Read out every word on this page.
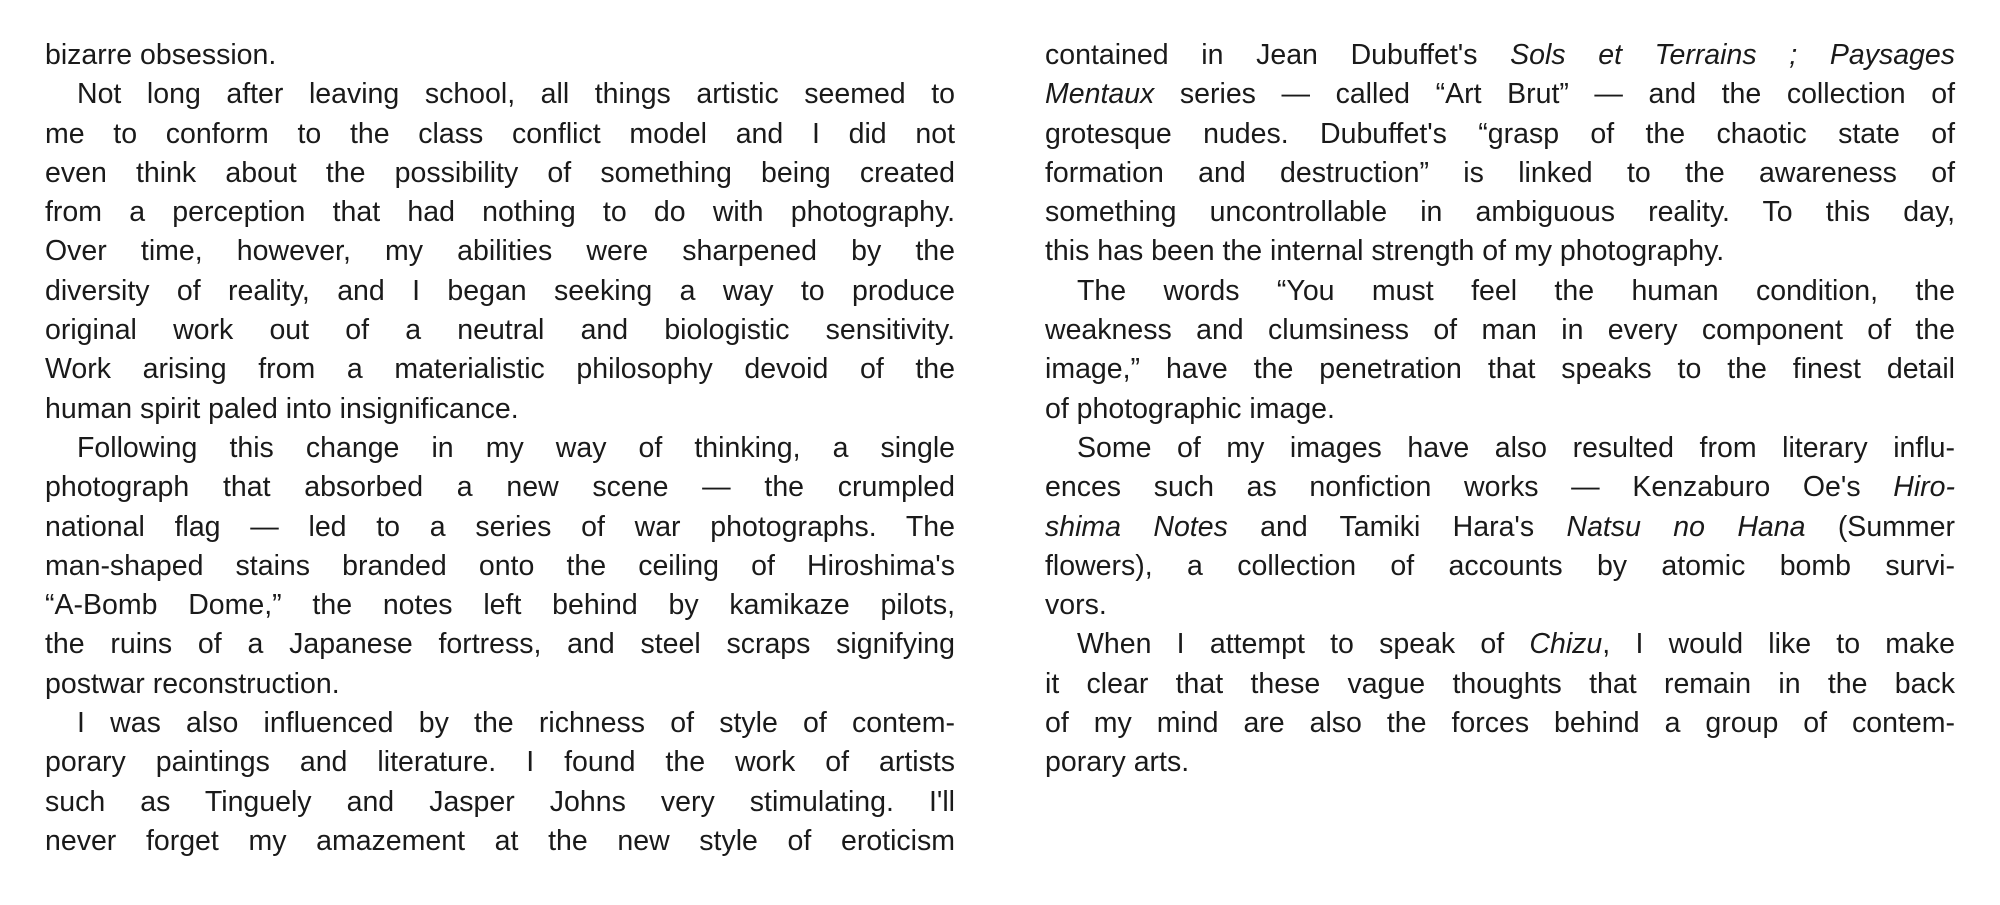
bizarre obsession.
Not long after leaving school, all things artistic seemed to
me to conform to the class conflict model and I did not
even think about the possibility of something being created
from a perception that had nothing to do with photography.
Over time, however, my abilities were sharpened by the
diversity of reality, and I began seeking a way to produce
original work out of a neutral and biologistic sensitivity.
Work arising from a materialistic philosophy devoid of the
human spirit paled into insignificance.
Following this change in my way of thinking, a single
photograph that absorbed a new scene — the crumpled
national flag — led to a series of war photographs. The
man-shaped stains branded onto the ceiling of Hiroshima's
“A-Bomb Dome,” the notes left behind by kamikaze pilots,
the ruins of a Japanese fortress, and steel scraps signifying
postwar reconstruction.
I was also influenced by the richness of style of contem-
porary paintings and literature. I found the work of artists
such as Tinguely and Jasper Johns very stimulating. I'll
never forget my amazement at the new style of eroticism
contained in Jean Dubuffet's Sols et Terrains ; Paysages
Mentaux series — called “Art Brut” — and the collection of
grotesque nudes. Dubuffet's “grasp of the chaotic state of
formation and destruction” is linked to the awareness of
something uncontrollable in ambiguous reality. To this day,
this has been the internal strength of my photography.
The words “You must feel the human condition, the
weakness and clumsiness of man in every component of the
image,” have the penetration that speaks to the finest detail
of photographic image.
Some of my images have also resulted from literary influ-
ences such as nonfiction works — Kenzaburo Oe's Hiro-
shima Notes and Tamiki Hara's Natsu no Hana (Summer
flowers), a collection of accounts by atomic bomb survi-
vors.
When I attempt to speak of Chizu, I would like to make
it clear that these vague thoughts that remain in the back
of my mind are also the forces behind a group of contem-
porary arts.
